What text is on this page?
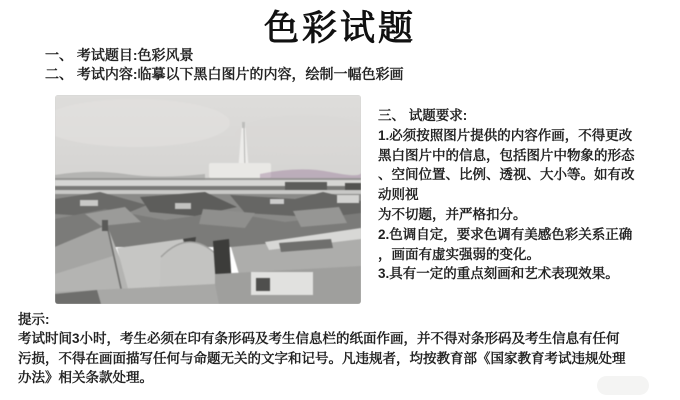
色彩试题
一、 考试题目:色彩风景
二、 考试内容:临摹以下黑白图片的内容，绘制一幅色彩画
三、 试题要求:
1.必须按照图片提供的内容作画，不得更改
黑白图片中的信息，包括图片中物象的形态
、空间位置、比例、透视、大小等。如有改
动则视
为不切题，并严格扣分。
2.色调自定，要求色调有美感色彩关系正确
，画面有虚实强弱的变化。
3.具有一定的重点刻画和艺术表现效果。
提示:
考试时间3小时，考生必须在印有条形码及考生信息栏的纸面作画，并不得对条形码及考生信息有任何
污损，不得在画面描写任何与命题无关的文字和记号。凡违规者，均按教育部《国家教育考试违规处理
办法》相关条款处理。
